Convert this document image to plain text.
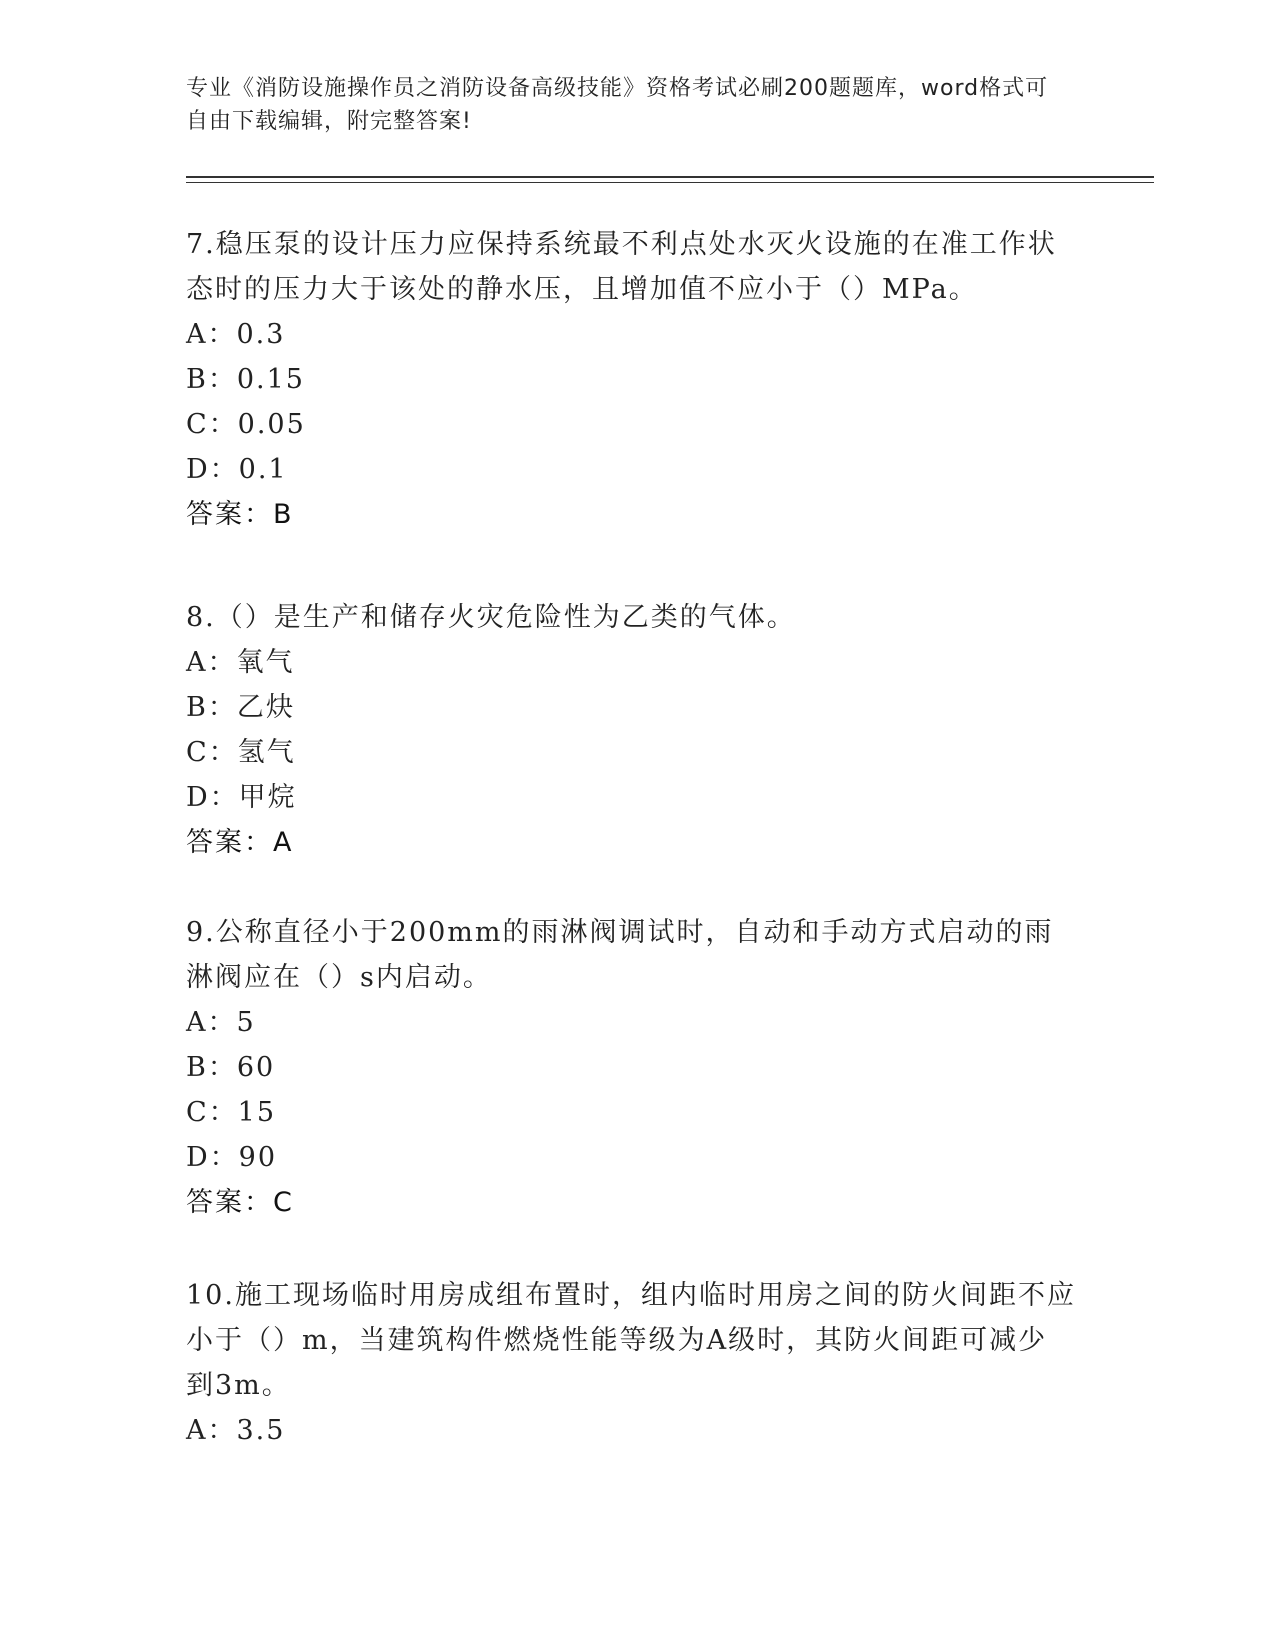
专业《消防设施操作员之消防设备高级技能》资格考试必刷200题题库，word格式可自由下载编辑，附完整答案!

7.稳压泵的设计压力应保持系统最不利点处水灭火设施的在准工作状态时的压力大于该处的静水压，且增加值不应小于（）MPa。

A：0.3

B：0.15

C：0.05

D：0.1

答案：B

8.（）是生产和储存火灾危险性为乙类的气体。

A：氧气

B：乙炔

C：氢气

D：甲烷

答案：A

9.公称直径小于200mm的雨淋阀调试时，自动和手动方式启动的雨淋阀应在（）s内启动。

A：5

B：60

C：15

D：90

答案：C

10.施工现场临时用房成组布置时，组内临时用房之间的防火间距不应小于（）m，当建筑构件燃烧性能等级为A级时，其防火间距可减少到3m。

A：3.5
